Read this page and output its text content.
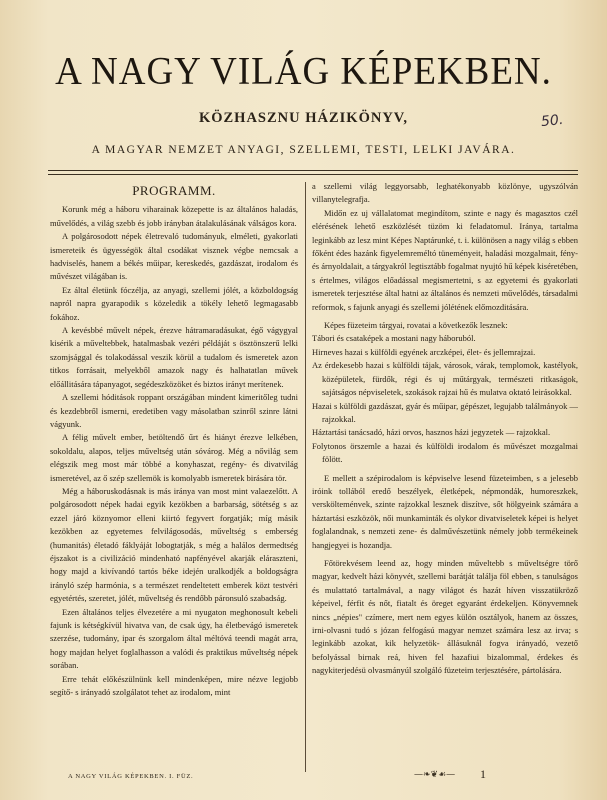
A NAGY VILÁG KÉPEKBEN.
50.
KÖZHASZNU HÁZIKÖNYV,
A MAGYAR NEMZET ANYAGI, SZELLEMI, TESTI, LELKI JAVÁRA.
PROGRAMM.

Korunk még a háboru viharainak közepette is az általános haladás, művelődés, a világ szebb és jobb irányban átalakulásának válságos kora.

A polgárosodott népek életrevaló tudományuk, elméleti, gyakorlati ismereteik és ügyességök által csodákat visznek végbe nemcsak a hadviselés, hanem a békés műipar, kereskedés, gazdászat, irodalom és művészet világában is.

Ez által életünk fóczélja, az anyagi, szellemi jólét, a közboldogság napról napra gyarapodik s közeledik a tökély lehető legmagasabb fokához.

A kevésbbé művelt népek, érezve hátramaradásukat, égő vágygyal kisérik a műveltebbek, hatalmasbak vezéri példáját s ösztönszerű lelki szomjsággal és tolakodással veszik körül a tudalom és ismeretek azon titkos forrásait, melyekből amazok nagy és halhatatlan művek előállitására tápanyagot, segédeszközöket és biztos irányt merítenek.

A szellemi hóditások roppant országában mindent kimeritőleg tudni és kezdebbről ismerni, eredetiben vagy másolatban szinről szinre látni vágyunk.

A félig művelt ember, betöltendő űrt és hiányt érezve lelkében, sokoldalu, alapos, teljes műveltség után sóvárog. Még a nővilág sem elégszik meg most már többé a konyhaszat, regény- és divatvilág ismeretével, az ő szép szellemök is komolyabb ismeretek birására tör.

Még a háboruskodásnak is más iránya van most mint valaezelőtt. A polgárosodott népek hadai egyik kezökben a barbarság, sötétség s az ezzel járó köznyomor elleni kiirtó fegyvert forgatják; míg másik kezökben az egyetemes felvilágosodás, műveltség s emberség (humanitás) életadó fáklyáját lobogtatják, s még a halálos dermedtség éjszakot is a civilizáció mindenható napfényével akarják eláraszteni, hogy majd a kivívandó tartós béke idején uralkodjék a boldogságra irányló szép harmónia, s a természet rendeltetett emberek közt testvéri egyetértés, szeretet, jólét, műveltség és rendőbb páronsuló szabadság.

Ezen általános teljes élvezetére a mi nyugaton meghonosult kebeli fajunk is kétségkívül hivatva van, de csak úgy, ha életbevágó ismeretek szerzése, tudomány, ipar és szorgalom által méltóvá teendi magát arra, hogy majdan helyet foglalhasson a valódi és praktikus műveltség népek sorában.

Erre tehát előkészülnünk kell mindenképen, mire nézve legjobb segítő- s irányadó szolgálatot tehet az irodalom, mint

a szellemi világ leggyorsabb, leghatékonyabb közlönye, ugyszólván villanytelegrafja.

Midőn ez uj vállalatomat megindítom, szinte e nagy és magasztos czél elérésének lehető eszközlését tüzöm ki feladatomul. Iránya, tartalma leginkább az lesz mint Képes Naptárunké, t. i. különösen a nagy világ s ebben főként édes hazánk figyelemreméltó tüneményeit, haladási mozgalmait, fény- és árnyoldalait, a tárgyakról legtisztább fogalmat nyujtó hű képek kiséretében, s értelmes, világos előadással megismertetni, s az egyetemi és gyakorlati ismeretek terjesztése által hatni az általános és nemzeti művelődés, társadalmi reformok, s fajunk anyagi és szellemi jólétének előmozditására.

Képes füzeteim tárgyai, rovatai a következők lesznek:

Tábori és csataképek a mostani nagy háboruból.

Hirneves hazai s külföldi egyének arczképei, élet- és jellemrajzai.

Az érdekesebb hazai s külföldi tájak, városok, várak, templomok, kastélyok, középületek, fürdők, régi és uj műtárgyak, természeti ritkaságok, sajátságos népviseletek, szokások rajzai hű és mulatva oktató leirásokkal.

Hazai s külföldi gazdászat, gyár és műipar, gépészet, legujabb találmányok — rajzokkal.

Háztartási tanácsadó, házi orvos, hasznos házi jegyzetek — rajzokkal.

Folytonos örszemle a hazai és külföldi irodalom és művészet mozgalmai fölött.

E mellett a szépirodalom is képviselve lesend füzeteimben, s a jelesebb iróink tollából eredő beszélyek, életképek, népmondák, humoreszkek, verskölteménvek, szinte rajzokkal lesznek diszítve, sőt hölgyeink számára a háztartási eszközök, női munkaminták és olykor divatviseletek képei is helyet foglalandnak, s nemzeti zene- és dalművészetünk némely jobb termékeinek hangjegyei is hozandja.

Főtörekvésem leend az, hogy minden műveltebb s műveltségre törő magyar, kedvelt házi könyvét, szellemi barátját találja föl ebben, s tanulságos és mulattató tartalmával, a nagy világot és hazát híven visszatükröző képeivel, férfit és nőt, fiatalt és öreget egyaránt érdekeljen. Könyvemnek nincs „népies" czímere, mert nem egyes külön osztályok, hanem az összes, irni-olvasni tudó s józan felfogású magyar nemzet számára lesz az irva; s leginkább azokat, kik helyzetök- állásuknál fogva irányadó, vezető befolyással birnak reá, hiven fel hazafiui bizalommal, érdekes és nagykiterjedésü olvasmányúl szolgáló füzeteim terjesztésére, pártolására.

A NAGY VILÁG KÉPEKBEN. I. FÜZ.	—❧❦☙— 1
